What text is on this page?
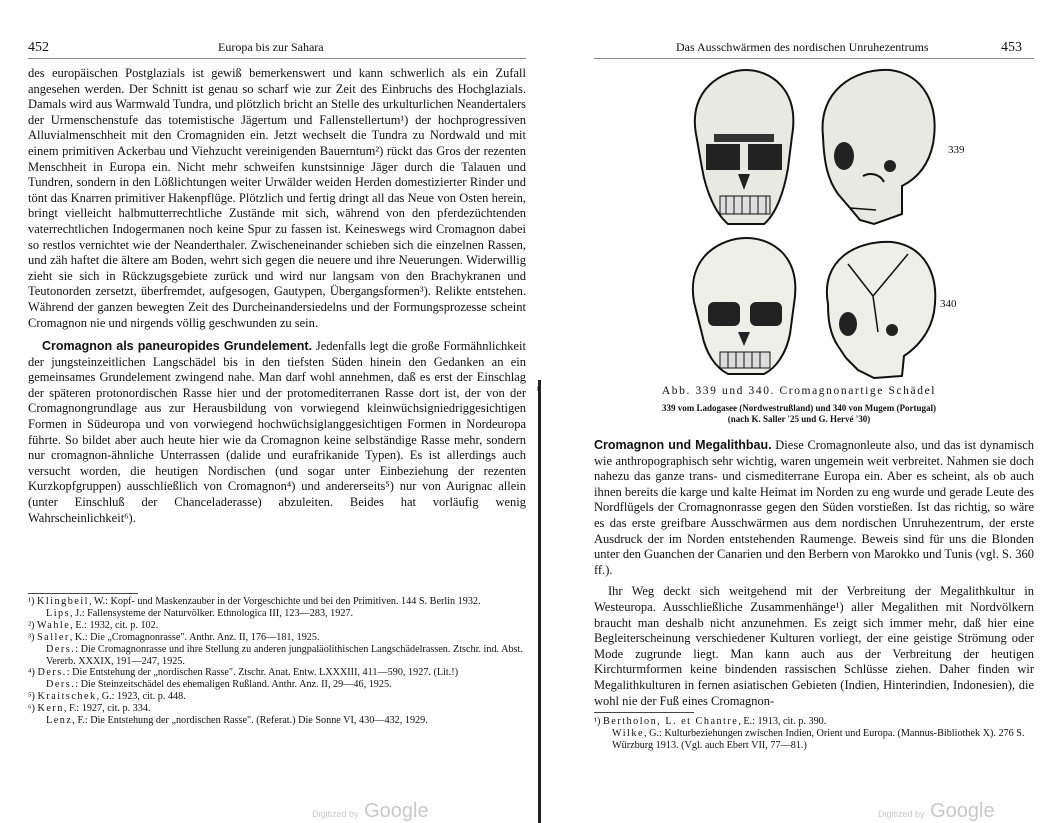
452	Europa bis zur Sahara

des europäischen Postglazials ist gewiß bemerkenswert und kann schwerlich als ein Zufall angesehen werden. Der Schnitt ist genau so scharf wie zur Zeit des Einbruchs des Hochglazials. Damals wird aus Warmwald Tundra, und plötzlich bricht an Stelle des urkulturlichen Neandertalers der Urmenschenstufe das totemistische Jägertum und Fallenstellertum¹) der hochprogressiven Alluvialmenschheit mit den Cromagniden ein. Jetzt wechselt die Tundra zu Nordwald und mit einem primitiven Ackerbau und Viehzucht vereinigenden Bauerntum²) rückt das Gros der rezenten Menschheit in Europa ein. Nicht mehr schweifen kunstsinnige Jäger durch die Talauen und Tundren, sondern in den Lößlichtungen weiter Urwälder weiden Herden domestizierter Rinder und tönt das Knarren primitiver Hakenpflüge. Plötzlich und fertig dringt all das Neue von Osten herein, bringt vielleicht halbmutterrechtliche Zustände mit sich, während von den pferdezüchtenden vaterrechtlichen Indogermanen noch keine Spur zu fassen ist. Keineswegs wird Cromagnon dabei so restlos vernichtet wie der Neanderthaler. Zwischeneinander schieben sich die einzelnen Rassen, und zäh haftet die ältere am Boden, wehrt sich gegen die neuere und ihre Neuerungen. Widerwillig zieht sie sich in Rückzugsgebiete zurück und wird nur langsam von den Brachykranen und Teutonorden zersetzt, überfremdet, aufgesogen, Gautypen, Übergangsformen³). Relikte entstehen. Während der ganzen bewegten Zeit des Durcheinandersiedelns und der Formungsprozesse scheint Cromagnon nie und nirgends völlig geschwunden zu sein.

Cromagnon als paneuropides Grundelement. Jedenfalls legt die große Formähnlichkeit der jungsteinzeitlichen Langschädel bis in den tiefsten Süden hinein den Gedanken an ein gemeinsames Grundelement zwingend nahe. Man darf wohl annehmen, daß es erst der Einschlag der späteren protonordischen Rasse hier und der protomediterranen Rasse dort ist, der von der Cromagnongrundlage aus zur Herausbildung von vorwiegend kleinwüchsigniedriggesichtigen Formen in Südeuropa und von vorwiegend hochwüchsiglanggesichtigen Formen in Nordeuropa führte. So bildet aber auch heute hier wie da Cromagnon keine selbständige Rasse mehr, sondern nur cromagnon-ähnliche Unterrassen (dalide und eurafrikanide Typen). Es ist allerdings auch versucht worden, die heutigen Nordischen (und sogar unter Einbeziehung der rezenten Kurzkopfgruppen) ausschließlich von Cromagnon⁴) und andererseits⁵) nur von Aurignac allein (unter Einschluß der Chanceladerasse) abzuleiten. Beides hat vorläufig wenig Wahrscheinlichkeit⁶).

¹) Klingbeil, W.: Kopf- und Maskenzauber in der Vorgeschichte und bei den Primitiven. 144 S. Berlin 1932.
Lips, J.: Fallensysteme der Naturvölker. Ethnologica III, 123—283, 1927.
²) Wahle, E.: 1932, cit. p. 102.
³) Saller, K.: Die „Cromagnonrasse". Anthr. Anz. II, 176—181, 1925.
Ders.: Die Cromagnonrasse und ihre Stellung zu anderen jungpaläolithischen Langschädelrassen. Ztschr. ind. Abst. Vererb. XXXIX, 191—247, 1925.
⁴) Ders.: Die Entstehung der „nordischen Rasse". Ztschr. Anat. Entw. LXXXIII, 411—590, 1927. (Lit.!)
Ders.: Die Steinzeitschädel des ehemaligen Rußland. Anthr. Anz. II, 29—46, 1925.
⁵) Kraitschek, G.: 1923, cit. p. 448.
⁶) Kern, F.: 1927, cit. p. 334.
Lenz, F.: Die Entstehung der „nordischen Rasse". (Referat.) Die Sonne VI, 430—432, 1929.
Digitized by Google
›
Das Ausschwärmen des nordischen Unruhezentrums	453
339
340
Abb. 339 und 340. Cromagnonartige Schädel
339 vom Ladogasee (Nordwestrußland) und 340 von Mugem (Portugal)
(nach K. Saller '25 und G. Hervé '30)

Cromagnon und Megalithbau. Diese Cromagnonleute also, und das ist dynamisch wie anthropographisch sehr wichtig, waren ungemein weit verbreitet. Nahmen sie doch nahezu das ganze trans- und cismediterrane Europa ein. Aber es scheint, als ob auch ihnen bereits die karge und kalte Heimat im Norden zu eng wurde und gerade Leute des Nordflügels der Cromagnonrasse gegen den Süden vorstießen. Ist das richtig, so wäre es das erste greifbare Ausschwärmen aus dem nordischen Unruhezentrum, der erste Ausdruck der im Norden entstehenden Raumenge. Beweis sind für uns die Blonden unter den Guanchen der Canarien und den Berbern von Marokko und Tunis (vgl. S. 360 ff.).

Ihr Weg deckt sich weitgehend mit der Verbreitung der Megalithkultur in Westeuropa. Ausschließliche Zusammenhänge¹) aller Megalithen mit Nordvölkern braucht man deshalb nicht anzunehmen. Es zeigt sich immer mehr, daß hier eine Begleiterscheinung verschiedener Kulturen vorliegt, der eine geistige Strömung oder Mode zugrunde liegt. Man kann auch aus der Verbreitung der heutigen Kirchturmformen keine bindenden rassischen Schlüsse ziehen. Daher finden wir Megalithkulturen in fernen asiatischen Gebieten (Indien, Hinterindien, Indonesien), die wohl nie der Fuß eines Cromagnon-

¹) Bertholon, L. et Chantre, E.: 1913, cit. p. 390.
Wilke, G.: Kulturbeziehungen zwischen Indien, Orient und Europa. (Mannus-Bibliothek X). 276 S. Würzburg 1913. (Vgl. auch Ebert VII, 77—81.)
Digitized by Google
